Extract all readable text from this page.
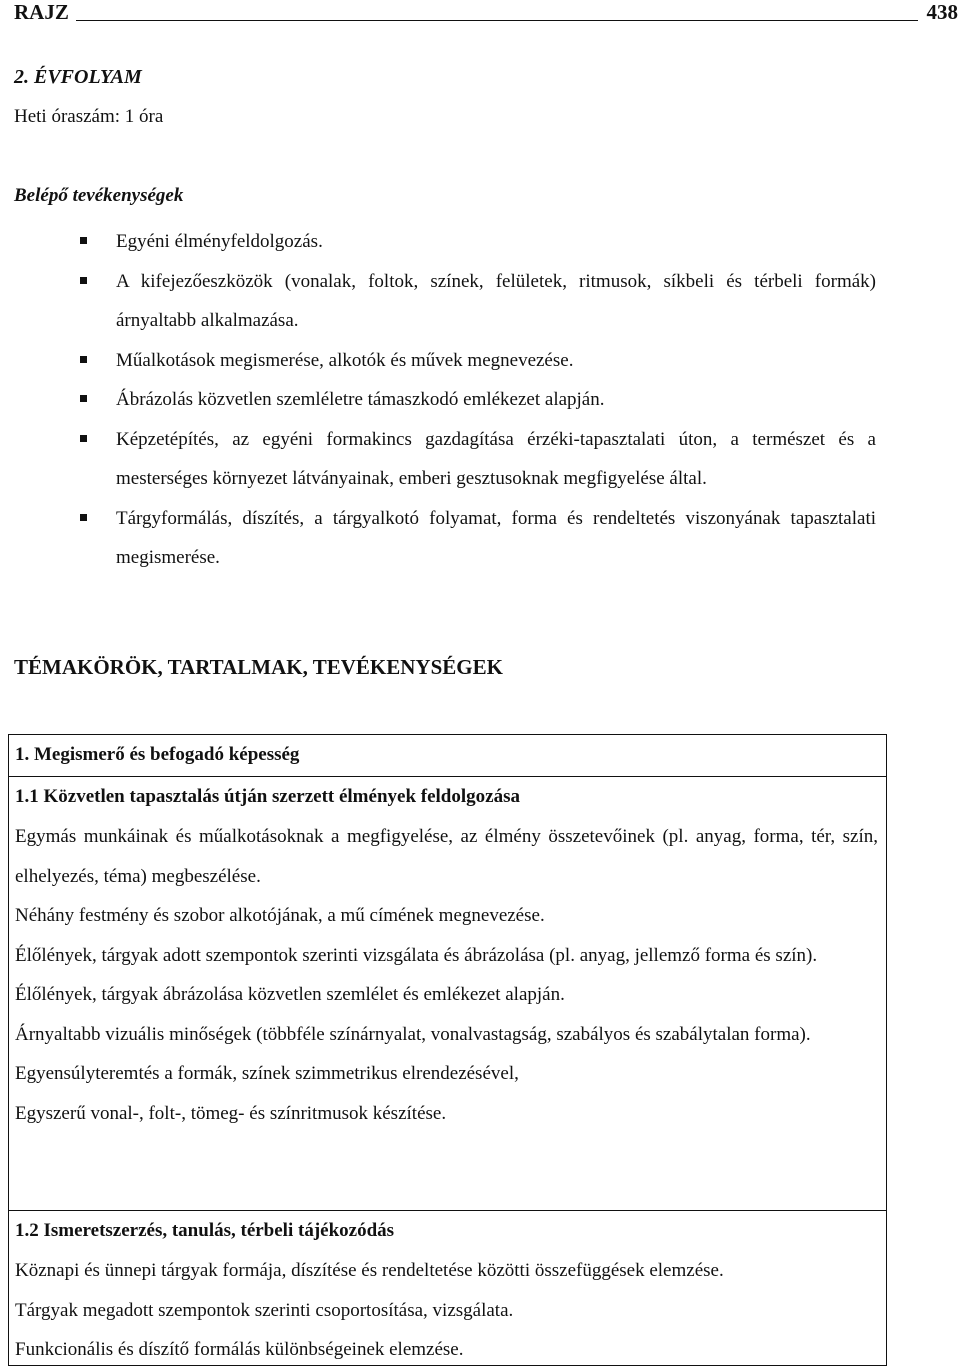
RAJZ	438
2. ÉVFOLYAM
Heti óraszám: 1 óra
Belépő tevékenységek
Egyéni élményfeldolgozás.
A kifejezőeszközök (vonalak, foltok, színek, felületek, ritmusok, síkbeli és térbeli formák) árnyaltabb alkalmazása.
Műalkotások megismerése, alkotók és művek megnevezése.
Ábrázolás közvetlen szemléletre támaszkodó emlékezet alapján.
Képzetépítés, az egyéni formakincs gazdagítása érzéki-tapasztalati úton, a természet és a mesterséges környezet látványainak, emberi gesztusoknak megfigyelése által.
Tárgyformálás, díszítés, a tárgyalkotó folyamat, forma és rendeltetés viszonyának tapasztalati megismerése.
TÉMAKÖRÖK, TARTALMAK, TEVÉKENYSÉGEK
1. Megismerő és befogadó képesség
1.1 Közvetlen tapasztalás útján szerzett élmények feldolgozása

Egymás munkáinak és műalkotásoknak a megfigyelése, az élmény összetevőinek (pl. anyag, forma, tér, szín, elhelyezés, téma) megbeszélése.

Néhány festmény és szobor alkotójának, a mű címének megnevezése.

Élőlények, tárgyak adott szempontok szerinti vizsgálata és ábrázolása (pl. anyag, jellemző forma és szín).

Élőlények, tárgyak ábrázolása közvetlen szemlélet és emlékezet alapján.

Árnyaltabb vizuális minőségek (többféle színárnyalat, vonalvastagság, szabályos és szabálytalan forma).

Egyensúlyteremtés a formák, színek szimmetrikus elrendezésével,

Egyszerű vonal-, folt-, tömeg- és színritmusok készítése.

1.2 Ismeretszerzés, tanulás, térbeli tájékozódás

Köznapi és ünnepi tárgyak formája, díszítése és rendeltetése közötti összefüggések elemzése.

Tárgyak megadott szempontok szerinti csoportosítása, vizsgálata.

Funkcionális és díszítő formálás különbségeinek elemzése.
